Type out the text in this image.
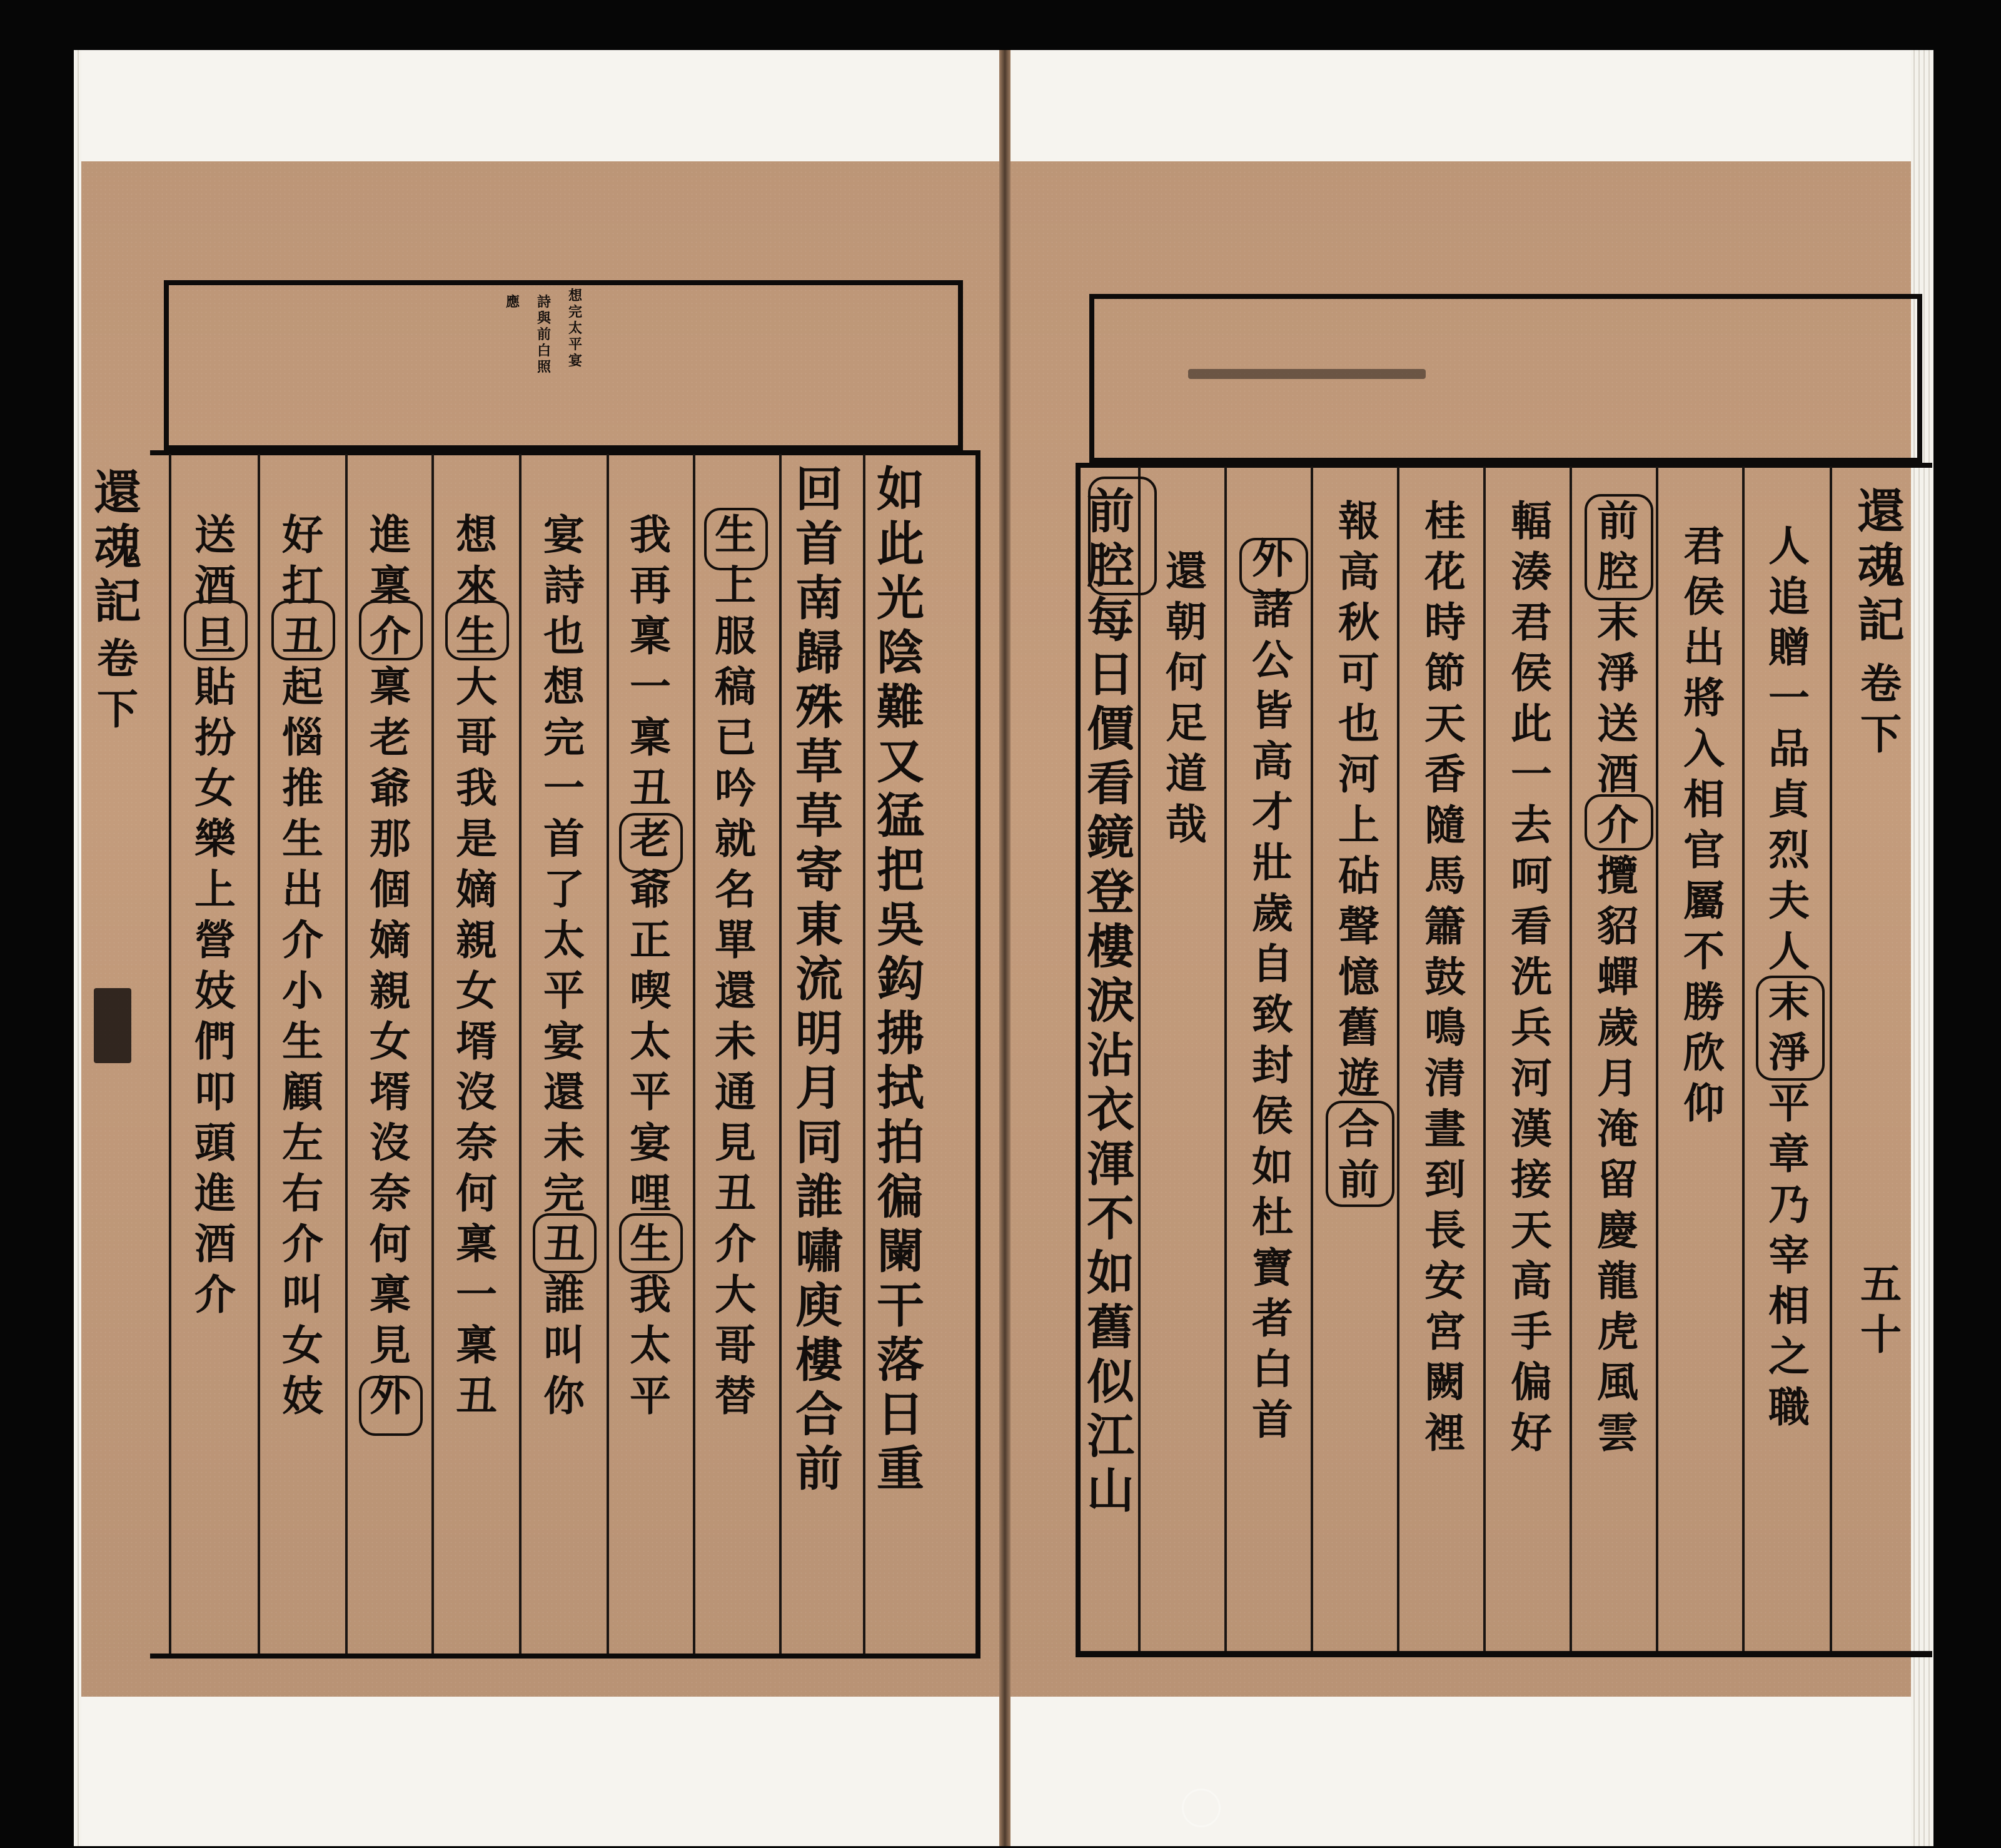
想
完
太
平
宴
詩
與
前
白
照
應
如
此
光
陰
難
又
猛
把
吳
鈎
拂
拭
拍
徧
闌
干
落
日
重
回
首
南
歸
殊
草
草
寄
東
流
明
月
同
誰
嘯
庾
樓
合
前
生
上
服
稿
已
吟
就
名
單
還
未
通
見
丑
介
大
哥
替
我
再
稟
一
稟
丑
老
爺
正
喫
太
平
宴
哩
生
我
太
平
宴
詩
也
想
完
一
首
了
太
平
宴
還
未
完
丑
誰
叫
你
想
來
生
大
哥
我
是
嫡
親
女
壻
沒
奈
何
稟
一
稟
丑
進
稟
介
稟
老
爺
那
個
嫡
親
女
壻
沒
奈
何
稟
見
外
好
打
丑
起
惱
推
生
出
介
小
生
顧
左
右
介
叫
女
妓
送
酒
旦
貼
扮
女
樂
上
營
妓
們
叩
頭
進
酒
介
還
魂
記
卷
下
人
追
贈
一
品
貞
烈
夫
人
末
淨
平
章
乃
宰
相
之
職
君
侯
出
將
入
相
官
屬
不
勝
欣
仰
前
腔
末
淨
送
酒
介
攬
貂
蟬
歲
月
淹
留
慶
龍
虎
風
雲
輻
湊
君
侯
此
一
去
呵
看
洗
兵
河
漢
接
天
高
手
偏
好
桂
花
時
節
天
香
隨
馬
簫
鼓
鳴
清
晝
到
長
安
宮
闕
裡
報
高
秋
可
也
河
上
砧
聲
憶
舊
遊
合
前
外
諸
公
皆
高
才
壯
歲
自
致
封
侯
如
杜
寶
者
白
首
還
朝
何
足
道
哉
前
腔
每
日
價
看
鏡
登
樓
淚
沾
衣
渾
不
如
舊
似
江
山
還
魂
記
卷
下
五
十
